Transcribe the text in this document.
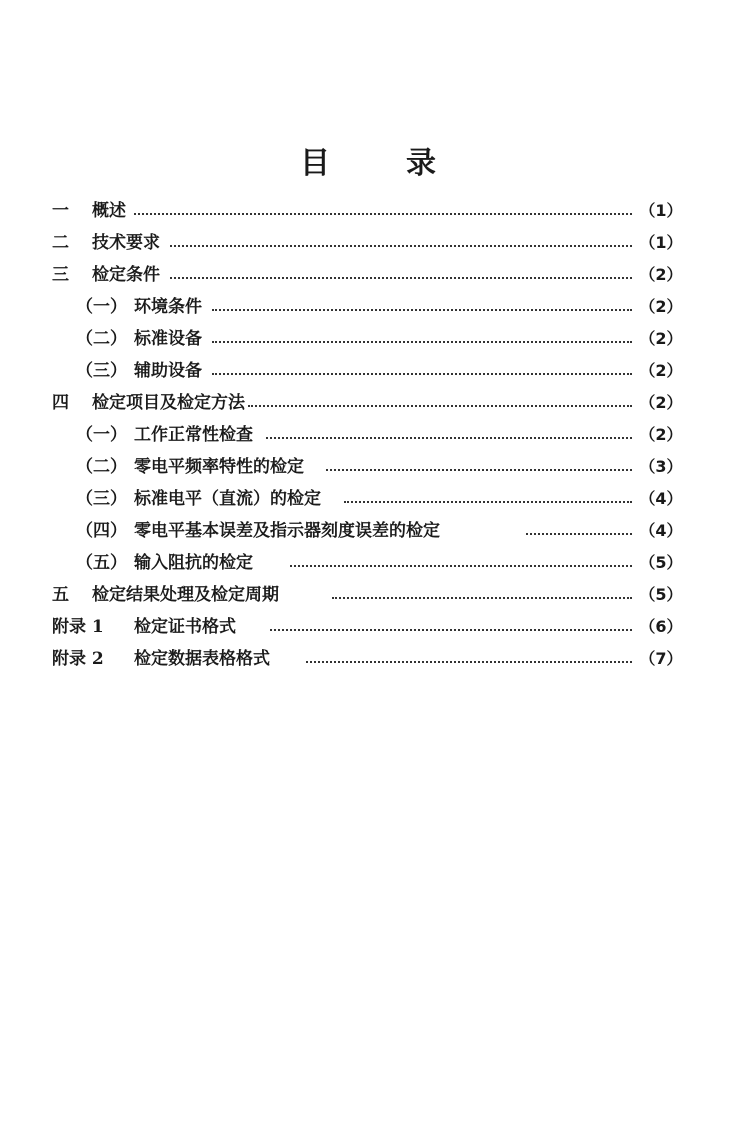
目	录
一 概述	（1）
二 技术要求	（1）
三 检定条件	（2）
（一） 环境条件	（2）
（二） 标准设备	（2）
（三） 辅助设备	（2）
四 检定项目及检定方法	（2）
（一） 工作正常性检查	（2）
（二） 零电平频率特性的检定	（3）
（三） 标准电平（直流）的检定	（4）
（四） 零电平基本误差及指示器刻度误差的检定	（4）
（五） 输入阻抗的检定	（5）
五 检定结果处理及检定周期	（5）
附录 1 检定证书格式	（6）
附录 2 检定数据表格格式	（7）
